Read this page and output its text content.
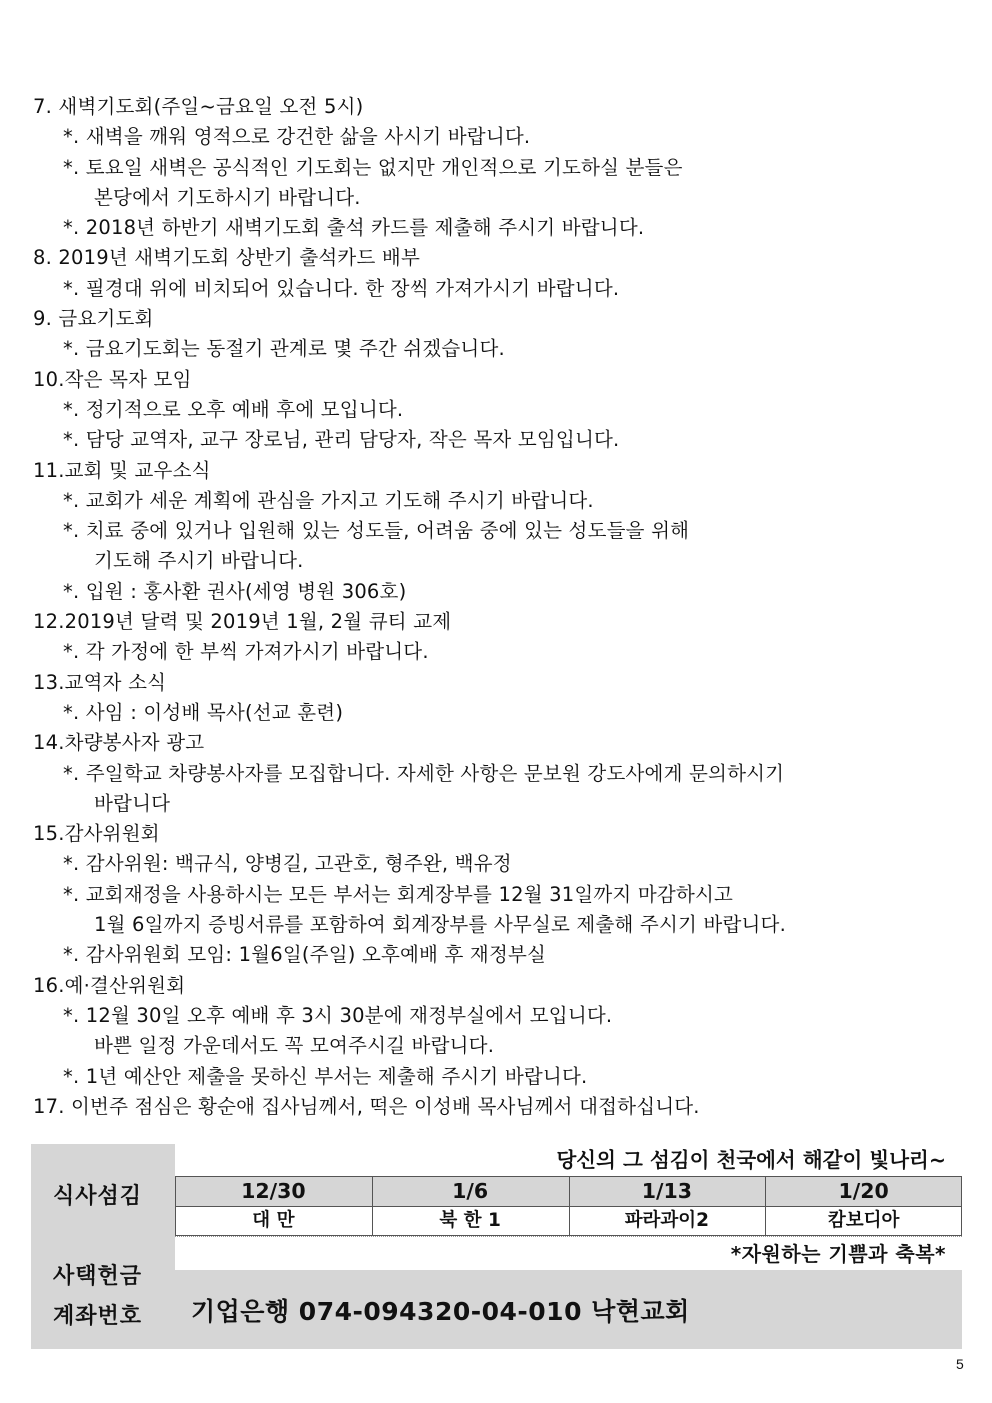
7. 새벽기도회(주일~금요일 오전 5시)
*. 새벽을 깨워 영적으로 강건한 삶을 사시기 바랍니다.
*. 토요일 새벽은 공식적인 기도회는 없지만 개인적으로 기도하실 분들은
본당에서 기도하시기 바랍니다.
*. 2018년 하반기 새벽기도회 출석 카드를 제출해 주시기 바랍니다.
8. 2019년 새벽기도회 상반기 출석카드 배부
*. 필경대 위에 비치되어 있습니다. 한 장씩 가져가시기 바랍니다.
9. 금요기도회
*. 금요기도회는 동절기 관계로 몇 주간 쉬겠습니다.
10.작은 목자 모임
*. 정기적으로 오후 예배 후에 모입니다.
*. 담당 교역자, 교구 장로님, 관리 담당자, 작은 목자 모임입니다.
11.교회 및 교우소식
*. 교회가 세운 계획에 관심을 가지고 기도해 주시기 바랍니다.
*. 치료 중에 있거나 입원해 있는 성도들, 어려움 중에 있는 성도들을 위해
기도해 주시기 바랍니다.
*. 입원 : 홍사환 권사(세영 병원 306호)
12.2019년 달력 및 2019년 1월, 2월 큐티 교제
*. 각 가정에 한 부씩 가져가시기 바랍니다.
13.교역자 소식
*. 사임 : 이성배 목사(선교 훈련)
14.차량봉사자 광고
*. 주일학교 차량봉사자를 모집합니다. 자세한 사항은 문보원 강도사에게 문의하시기
바랍니다
15.감사위원회
*. 감사위원: 백규식, 양병길, 고관호, 형주완, 백유정
*. 교회재정을 사용하시는 모든 부서는 회계장부를 12월 31일까지 마감하시고
1월 6일까지 증빙서류를 포함하여 회계장부를 사무실로 제출해 주시기 바랍니다.
*. 감사위원회 모임: 1월6일(주일) 오후예배 후 재정부실
16.예·결산위원회
*. 12월 30일 오후 예배 후 3시 30분에 재정부실에서 모입니다.
바쁜 일정 가운데서도 꼭 모여주시길 바랍니다.
*. 1년 예산안 제출을 못하신 부서는 제출해 주시기 바랍니다.
17. 이번주 점심은 황순애 집사님께서, 떡은 이성배 목사님께서 대접하십니다.
식사섬김
당신의 그 섬김이 천국에서 해같이 빛나리~
12/30
대 만
1/6
북 한 1
1/13
파라과이2
1/20
캄보디아
*자원하는 기쁨과 축복*
사택헌금
계좌번호 기업은행 074-094320-04-010 낙현교회
5
